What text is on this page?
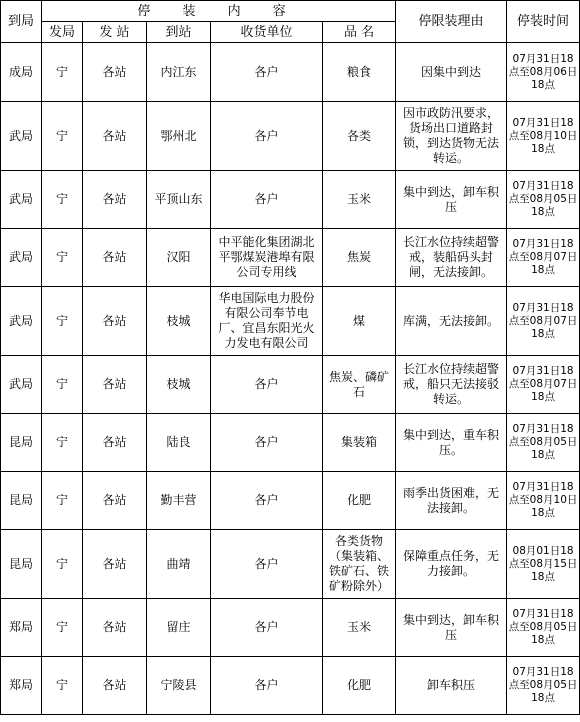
到局	停 装 内 容					停限装理由	停装时间
	发局	发 站	到站	收货单位	品 名		
成局	宁	各站	内江东	各户	粮食	因集中到达	07月31日18点至08月06日18点
武局	宁	各站	鄂州北	各户	各类	因市政防汛要求，货场出口道路封锁，到达货物无法转运。	07月31日18点至08月10日18点
武局	宁	各站	平顶山东	各户	玉米	集中到达，卸车积压	07月31日18点至08月05日18点
武局	宁	各站	汉阳	中平能化集团湖北平鄂煤炭港埠有限公司专用线	焦炭	长江水位持续超警戒，装船码头封闸，无法接卸。	07月31日18点至08月07日18点
武局	宁	各站	枝城	华电国际电力股份有限公司奉节电厂、宜昌东阳光火力发电有限公司	煤	库满，无法接卸。	07月31日18点至08月07日18点
武局	宁	各站	枝城	各户	焦炭、磷矿石	长江水位持续超警戒，船只无法接驳转运。	07月31日18点至08月07日18点
昆局	宁	各站	陆良	各户	集装箱	集中到达，重车积压。	07月31日18点至08月05日18点
昆局	宁	各站	勤丰营	各户	化肥	雨季出货困难，无法接卸。	07月31日18点至08月10日18点
昆局	宁	各站	曲靖	各户	各类货物（集装箱、铁矿石、铁矿粉除外）	保障重点任务，无力接卸。	08月01日18点至08月15日18点
郑局	宁	各站	留庄	各户	玉米	集中到达，卸车积压	07月31日18点至08月05日18点
郑局	宁	各站	宁陵县	各户	化肥	卸车积压	07月31日18点至08月05日18点
